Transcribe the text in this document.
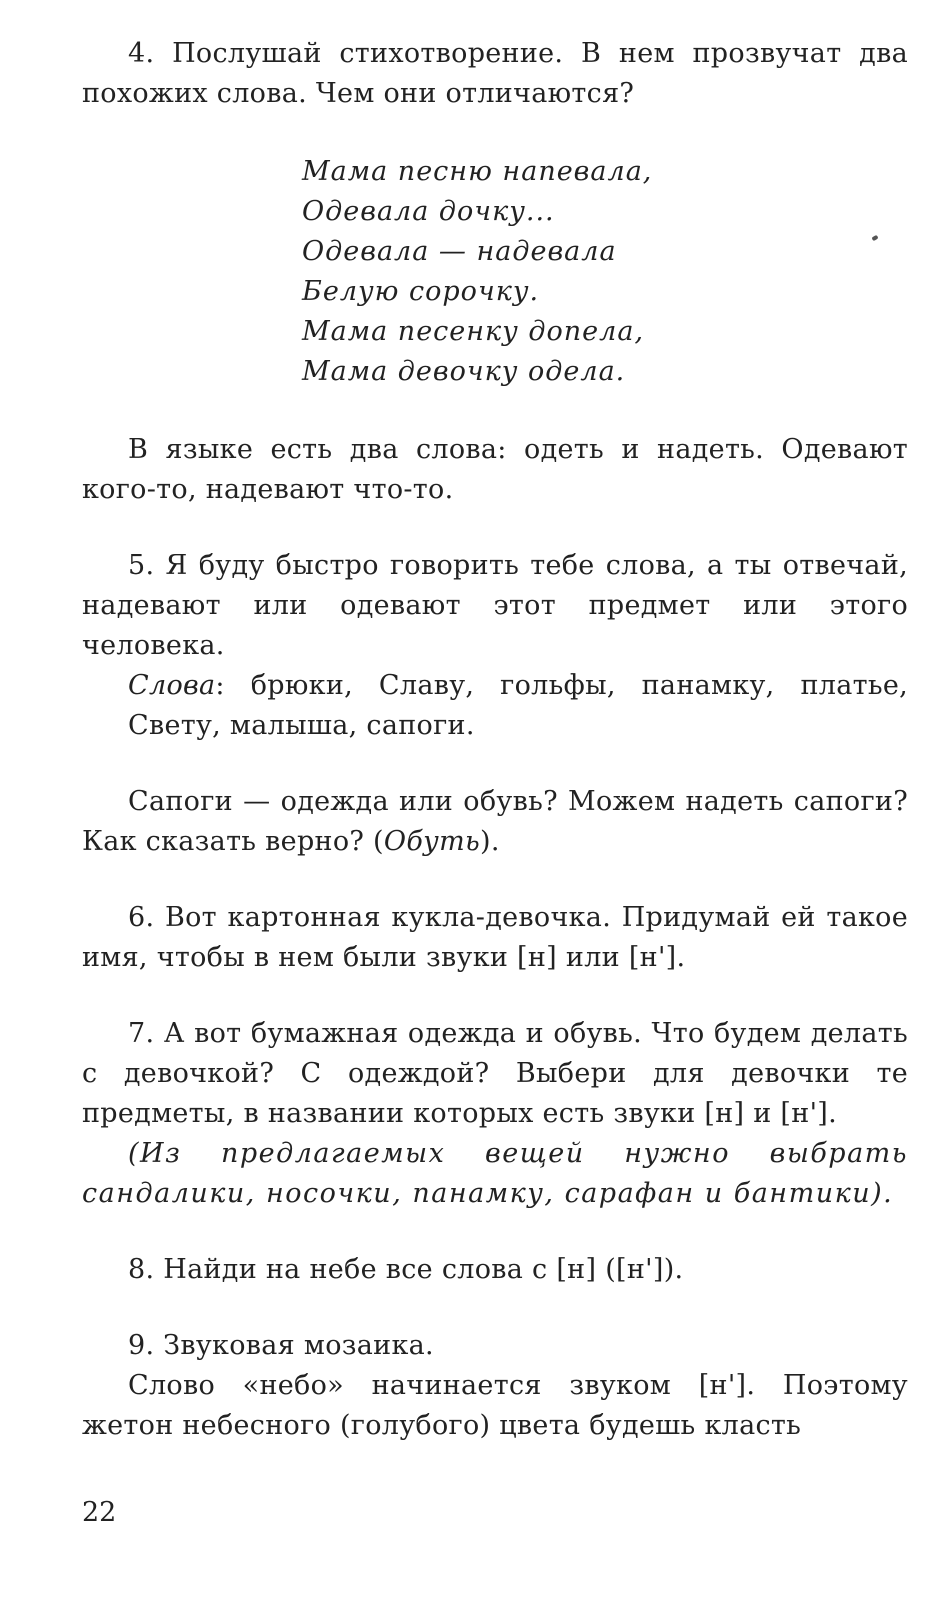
4. Послушай стихотворение. В нем прозвучат два похожих слова. Чем они отличаются?

Мама песню напевала,
Одевала дочку...
Одевала — надевала
Белую сорочку.
Мама песенку допела,
Мама девочку одела.

В языке есть два слова: одеть и надеть. Одевают кого-то, надевают что-то.

5. Я буду быстро говорить тебе слова, а ты отвечай, надевают или одевают этот предмет или этого человека.

Слова: брюки, Славу, гольфы, панамку, платье, Свету, малыша, сапоги.

Сапоги — одежда или обувь? Можем надеть сапоги? Как сказать верно? (Обуть).

6. Вот картонная кукла-девочка. Придумай ей такое имя, чтобы в нем были звуки [н] или [н'].

7. А вот бумажная одежда и обувь. Что будем делать с девочкой? С одеждой? Выбери для девочки те предметы, в названии которых есть звуки [н] и [н'].

(Из предлагаемых вещей нужно выбрать сандалики, носочки, панамку, сарафан и бантики).

8. Найди на небе все слова с [н] ([н']).

9. Звуковая мозаика.

Слово «небо» начинается звуком [н']. Поэтому жетон небесного (голубого) цвета будешь класть

22
